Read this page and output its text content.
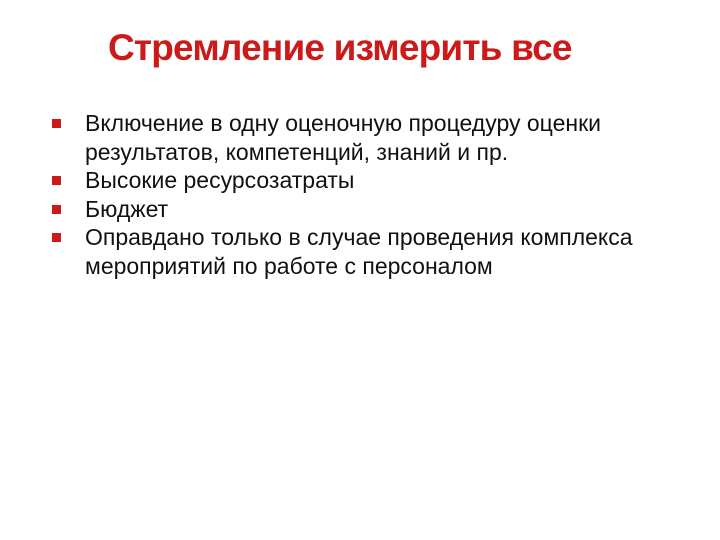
Стремление измерить все
Включение в одну оценочную процедуру оценки результатов, компетенций, знаний и пр.
Высокие ресурсозатраты
Бюджет
Оправдано только в случае проведения комплекса мероприятий по работе с персоналом
